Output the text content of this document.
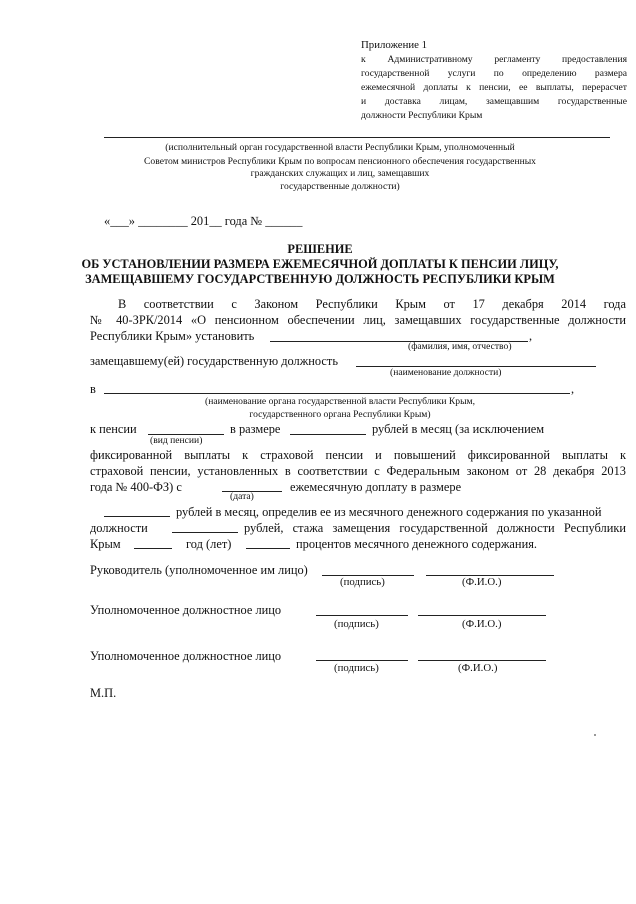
Приложение 1
к Административному регламенту предоставления
государственной услуги по определению размера
ежемесячной доплаты к пенсии, ее выплаты, перерасчет
и доставка лицам, замещавшим государственные
должности Республики Крым
(исполнительный орган государственной власти Республики Крым, уполномоченный
Советом министров Республики Крым по вопросам пенсионного обеспечения государственных
гражданских служащих и лиц, замещавших
государственные должности)
«___» ________ 201__ года № ______
РЕШЕНИЕ
ОБ УСТАНОВЛЕНИИ РАЗМЕРА ЕЖЕМЕСЯЧНОЙ ДОПЛАТЫ К ПЕНСИИ ЛИЦУ,
ЗАМЕЩАВШЕМУ ГОСУДАРСТВЕННУЮ ДОЛЖНОСТЬ РЕСПУБЛИКИ КРЫМ
В соответствии с Законом Республики Крым от 17 декабря 2014 года
№ 40-ЗРК/2014 «О пенсионном обеспечении лиц, замещавших государственные должности
Республики Крым» установить	,
(фамилия, имя, отчество)
замещавшему(ей) государственную должность
(наименование должности)
в	,
(наименование органа государственной власти Республики Крым,
государственного органа Республики Крым)
к пенсии	в размере	рублей в месяц (за исключением
(вид пенсии)
фиксированной выплаты к страховой пенсии и повышений фиксированной выплаты к
страховой пенсии, установленных в соответствии с Федеральным законом от 28 декабря 2013
года № 400-ФЗ) с	ежемесячную доплату в размере
(дата)
рублей в месяц, определив ее из месячного денежного содержания по указанной
должности	рублей, стажа замещения государственной должности Республики
Крым	год (лет)	процентов месячного денежного содержания.
Руководитель (уполномоченное им лицо)
(подпись)	(Ф.И.О.)
Уполномоченное должностное лицо
(подпись)	(Ф.И.О.)
Уполномоченное должностное лицо
(подпись)	(Ф.И.О.)
М.П.
